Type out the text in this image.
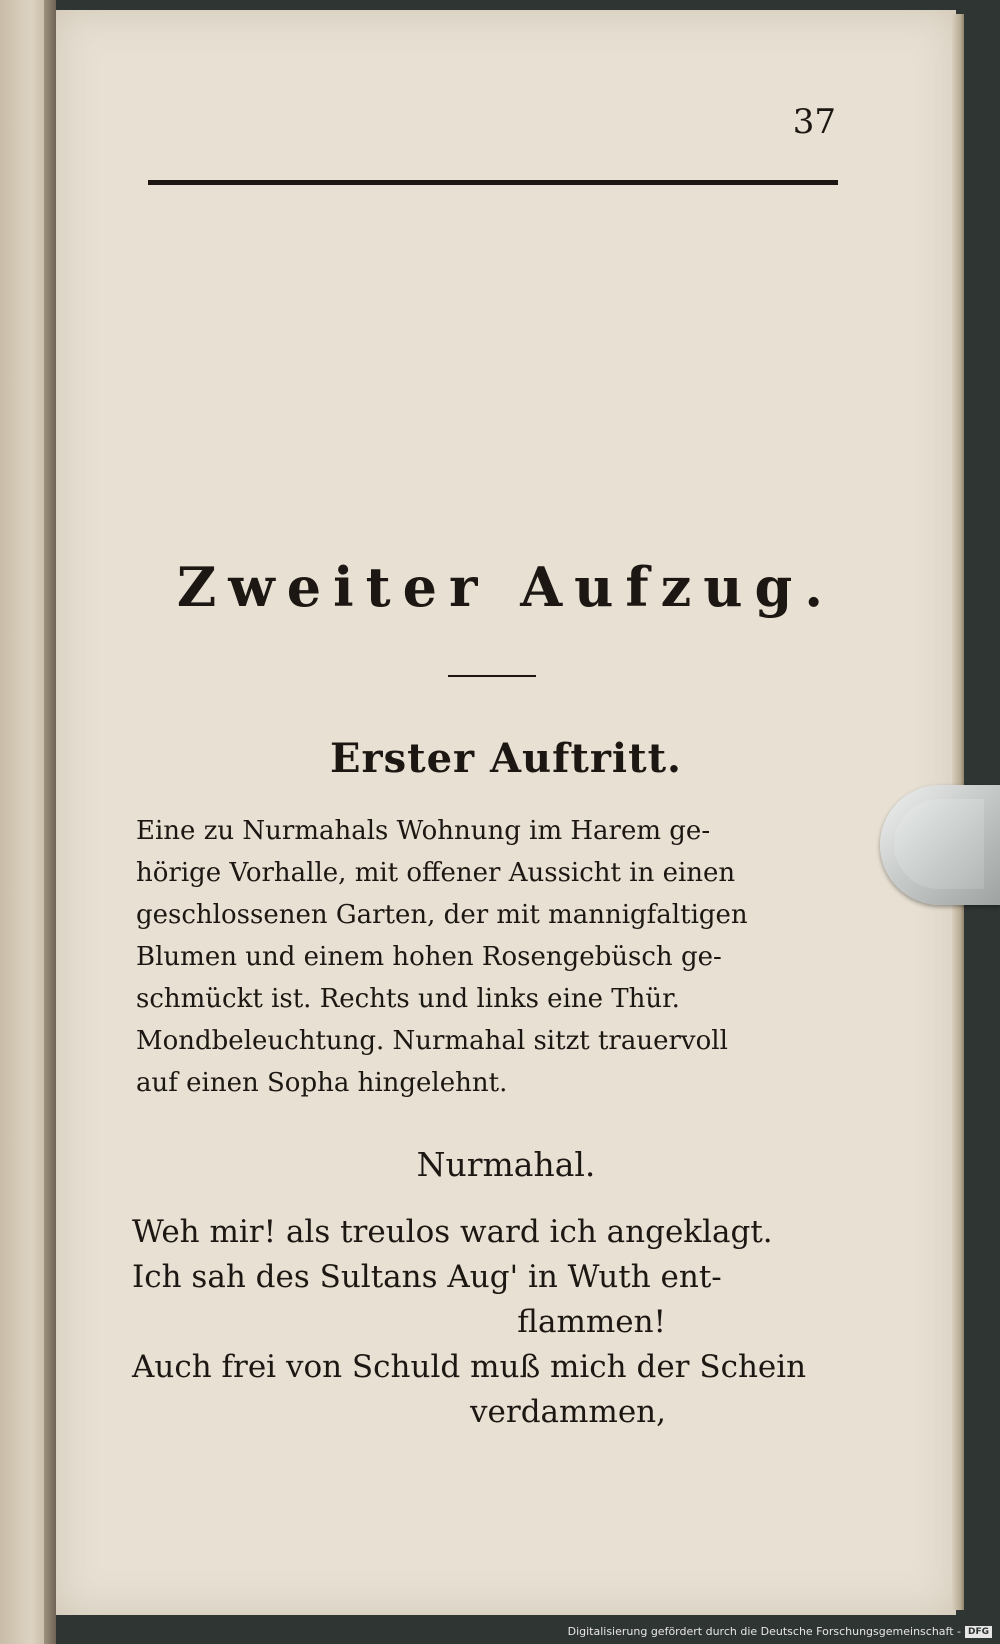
37
Zweiter Aufzug.
Erster Auftritt.
Eine zu Nurmahals Wohnung im Harem ge-
hörige Vorhalle, mit offener Aussicht in einen
geschlossenen Garten, der mit mannigfaltigen
Blumen und einem hohen Rosengebüsch ge-
schmückt ist. Rechts und links eine Thür.
Mondbeleuchtung. Nurmahal sitzt trauervoll
auf einen Sopha hingelehnt.
Nurmahal.
Weh mir! als treulos ward ich angeklagt.
Ich sah des Sultans Aug' in Wuth ent-
flammen!
Auch frei von Schuld muß mich der Schein
verdammen,
Digitalisierung gefördert durch die Deutsche Forschungsgemeinschaft - DFG
